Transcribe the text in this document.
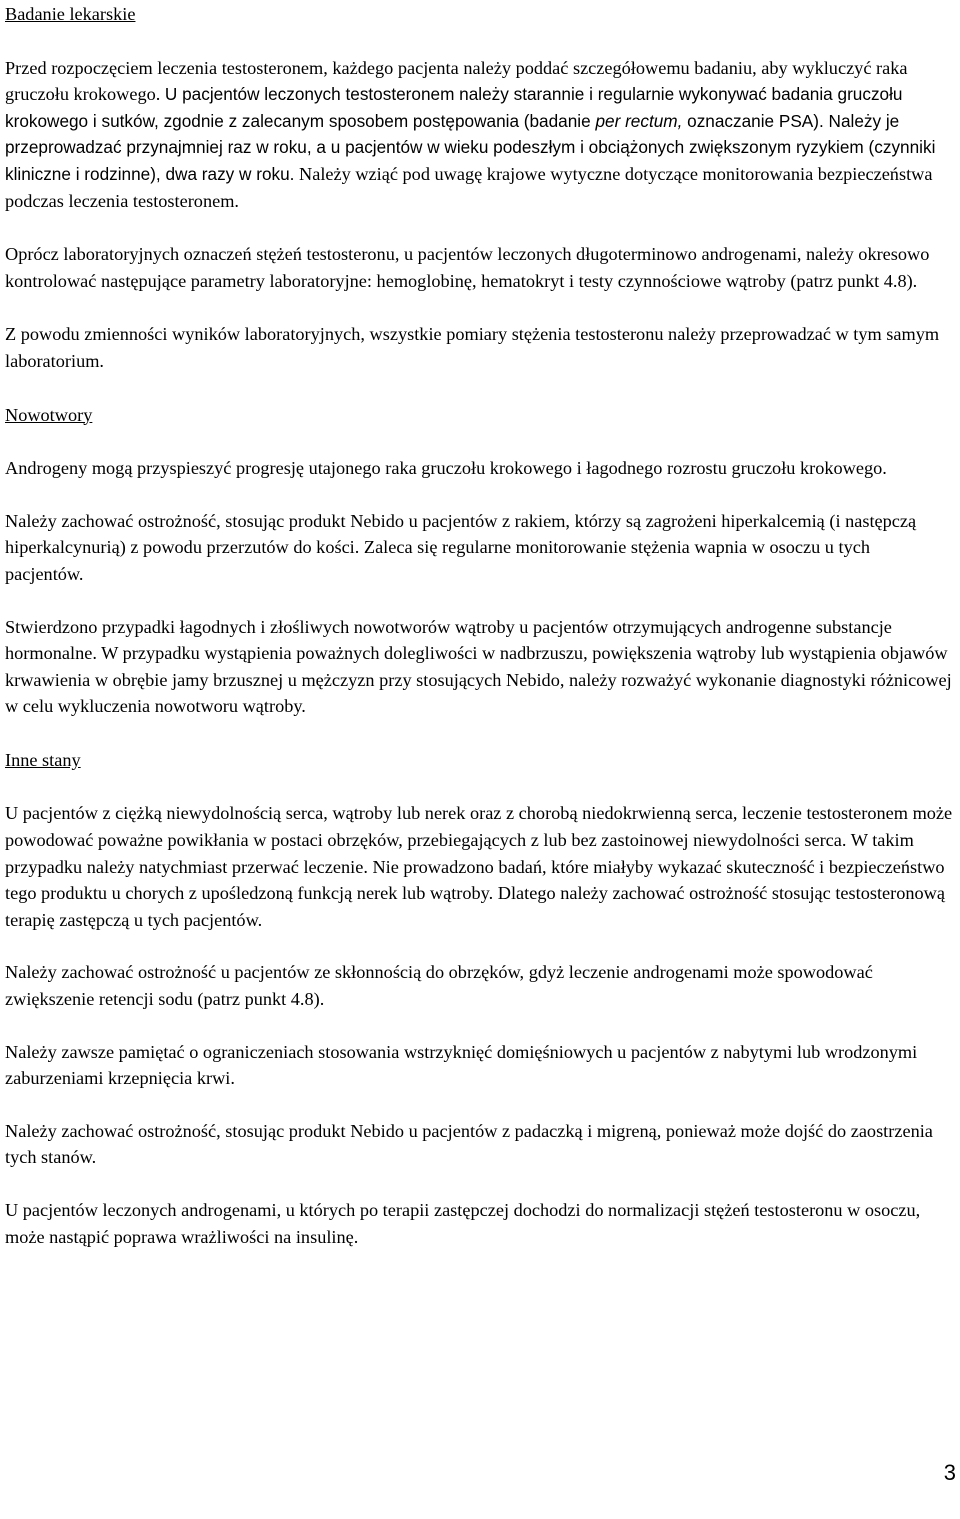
Badanie lekarskie

Przed rozpoczęciem leczenia testosteronem, każdego pacjenta należy poddać szczegółowemu badaniu, aby wykluczyć raka gruczołu krokowego. U pacjentów leczonych testosteronem należy starannie i regularnie wykonywać badania gruczołu krokowego i sutków, zgodnie z zalecanym sposobem postępowania (badanie per rectum, oznaczanie PSA). Należy je przeprowadzać przynajmniej raz w roku, a u pacjentów w wieku podeszłym i obciążonych zwiększonym ryzykiem (czynniki kliniczne i rodzinne), dwa razy w roku. Należy wziąć pod uwagę krajowe wytyczne dotyczące monitorowania bezpieczeństwa podczas leczenia testosteronem.

Oprócz laboratoryjnych oznaczeń stężeń testosteronu, u pacjentów leczonych długoterminowo androgenami, należy okresowo kontrolować następujące parametry laboratoryjne: hemoglobinę, hematokryt i testy czynnościowe wątroby (patrz punkt 4.8).

Z powodu zmienności wyników laboratoryjnych, wszystkie pomiary stężenia testosteronu należy przeprowadzać w tym samym laboratorium.

Nowotwory

Androgeny mogą przyspieszyć progresję utajonego raka gruczołu krokowego i łagodnego rozrostu gruczołu krokowego.

Należy zachować ostrożność, stosując produkt Nebido u pacjentów z rakiem, którzy są zagrożeni hiperkalcemią (i następczą hiperkalcynurią) z powodu przerzutów do kości. Zaleca się regularne monitorowanie stężenia wapnia w osoczu u tych pacjentów.

Stwierdzono przypadki łagodnych i złośliwych nowotworów wątroby u pacjentów otrzymujących androgenne substancje hormonalne. W przypadku wystąpienia poważnych dolegliwości w nadbrzuszu, powiększenia wątroby lub wystąpienia objawów krwawienia w obrębie jamy brzusznej u mężczyzn przy stosujących Nebido, należy rozważyć wykonanie diagnostyki różnicowej w celu wykluczenia nowotworu wątroby.

Inne stany

U pacjentów z ciężką niewydolnością serca, wątroby lub nerek oraz z chorobą niedokrwienną serca, leczenie testosteronem może powodować poważne powikłania w postaci obrzęków, przebiegających z lub bez zastoinowej niewydolności serca. W takim przypadku należy natychmiast przerwać leczenie. Nie prowadzono badań, które miałyby wykazać skuteczność i bezpieczeństwo tego produktu u chorych z upośledzoną funkcją nerek lub wątroby. Dlatego należy zachować ostrożność stosując testosteronową terapię zastępczą u tych pacjentów.

Należy zachować ostrożność u pacjentów ze skłonnością do obrzęków, gdyż leczenie androgenami może spowodować zwiększenie retencji sodu (patrz punkt 4.8).

Należy zawsze pamiętać o ograniczeniach stosowania wstrzyknięć domięśniowych u pacjentów z nabytymi lub wrodzonymi zaburzeniami krzepnięcia krwi.

Należy zachować ostrożność, stosując produkt Nebido u pacjentów z padaczką i migreną, ponieważ może dojść do zaostrzenia tych stanów.

U pacjentów leczonych androgenami, u których po terapii zastępczej dochodzi do normalizacji stężeń testosteronu w osoczu, może nastąpić poprawa wrażliwości na insulinę.

3
